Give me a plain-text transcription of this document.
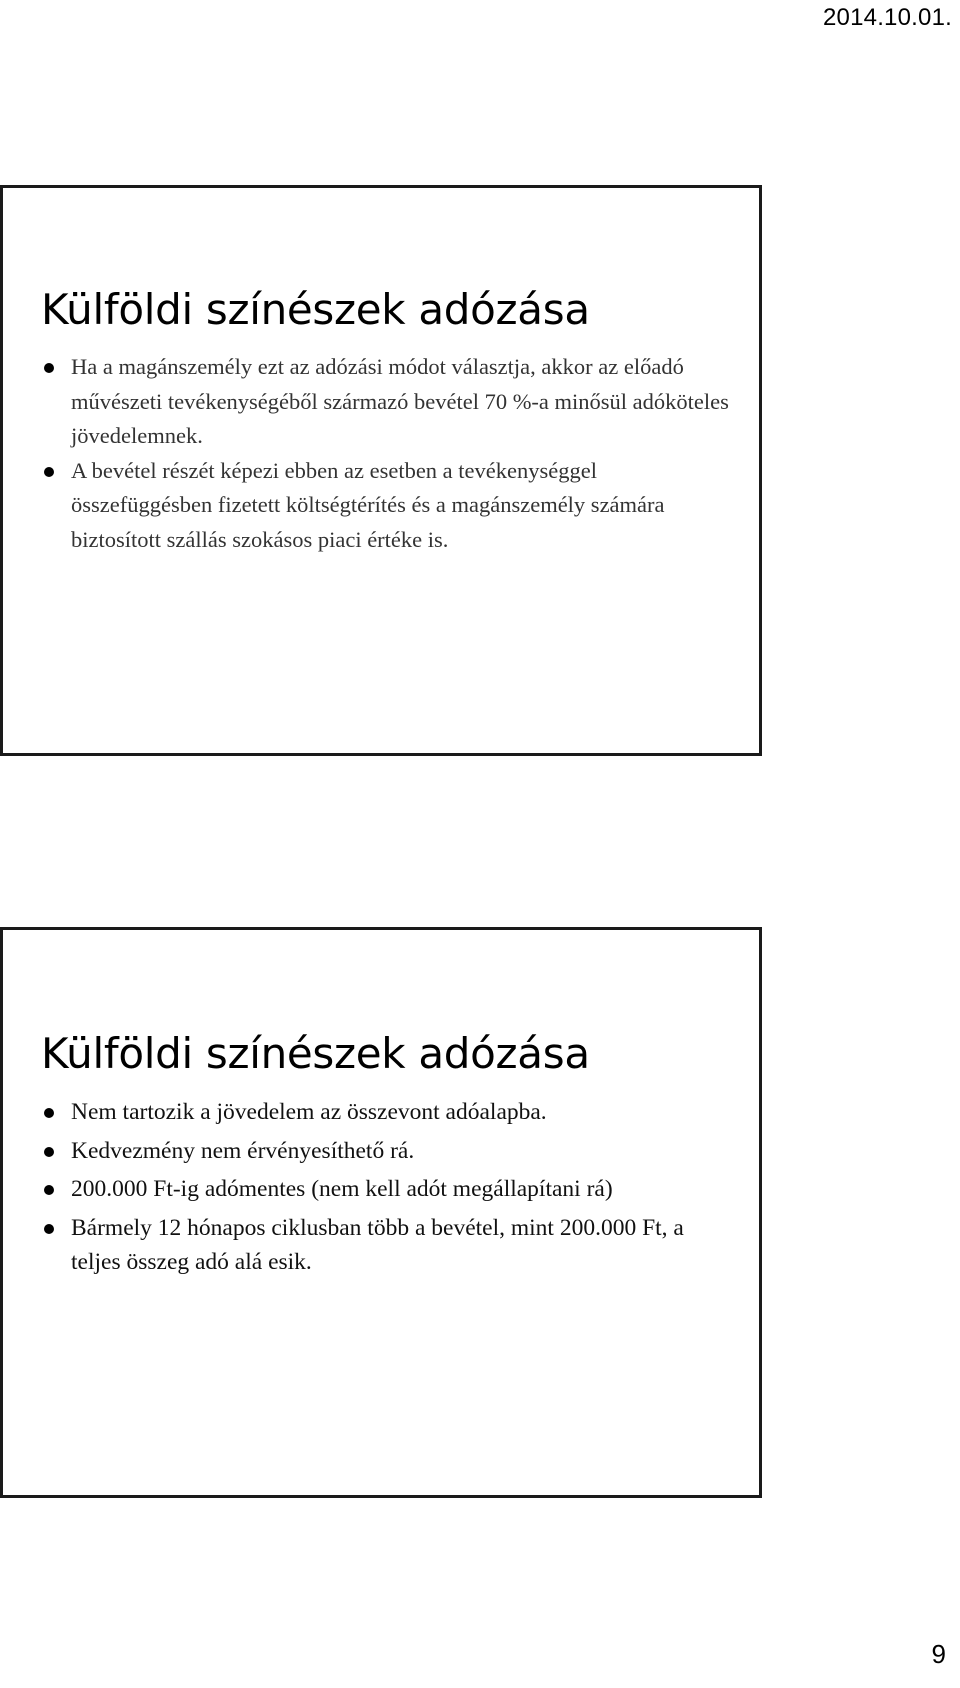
2014.10.01.
Külföldi színészek adózása
Ha a magánszemély ezt az adózási módot választja, akkor az előadó művészeti tevékenységéből származó bevétel 70 %-a minősül adóköteles jövedelemnek.
A bevétel részét képezi ebben az esetben a tevékenységgel összefüggésben fizetett költségtérítés és a magánszemély számára biztosított szállás szokásos piaci értéke is.
Külföldi színészek adózása
Nem tartozik a jövedelem az összevont adóalapba.
Kedvezmény nem érvényesíthető rá.
200.000 Ft-ig adómentes (nem kell adót megállapítani rá)
Bármely 12 hónapos ciklusban több a bevétel, mint 200.000 Ft, a teljes összeg adó alá esik.
9
